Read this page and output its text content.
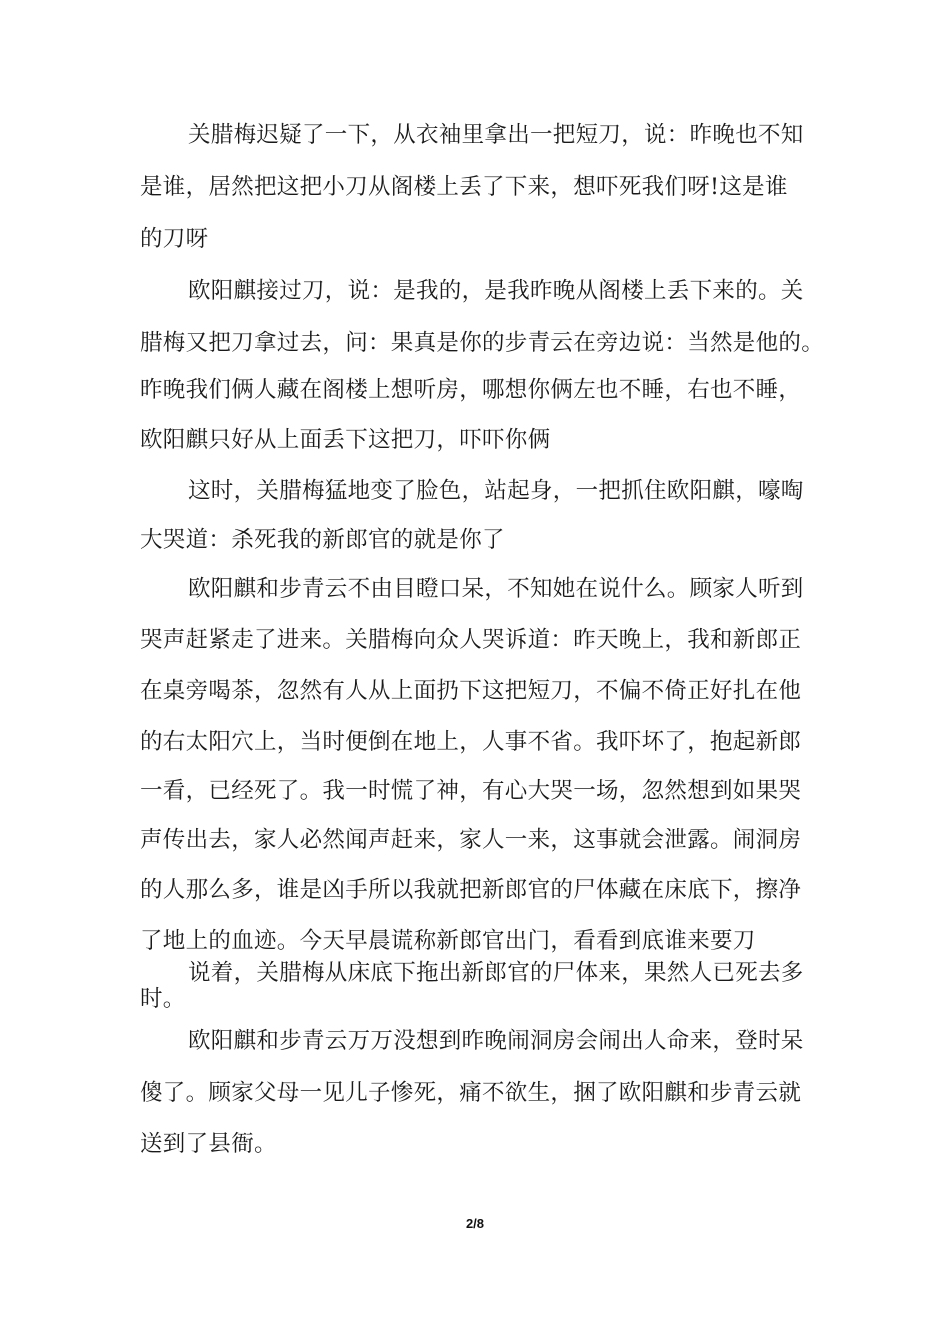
关腊梅迟疑了一下，从衣袖里拿出一把短刀，说：昨晚也不知
是谁，居然把这把小刀从阁楼上丢了下来，想吓死我们呀!这是谁
的刀呀
欧阳麒接过刀，说：是我的，是我昨晚从阁楼上丢下来的。关
腊梅又把刀拿过去，问：果真是你的步青云在旁边说：当然是他的。
昨晚我们俩人藏在阁楼上想听房，哪想你俩左也不睡，右也不睡，
欧阳麒只好从上面丢下这把刀，吓吓你俩
这时，关腊梅猛地变了脸色，站起身，一把抓住欧阳麒，嚎啕
大哭道：杀死我的新郎官的就是你了
欧阳麒和步青云不由目瞪口呆，不知她在说什么。顾家人听到
哭声赶紧走了进来。关腊梅向众人哭诉道：昨天晚上，我和新郎正
在桌旁喝茶，忽然有人从上面扔下这把短刀，不偏不倚正好扎在他
的右太阳穴上，当时便倒在地上，人事不省。我吓坏了，抱起新郎
一看，已经死了。我一时慌了神，有心大哭一场，忽然想到如果哭
声传出去，家人必然闻声赶来，家人一来，这事就会泄露。闹洞房
的人那么多，谁是凶手所以我就把新郎官的尸体藏在床底下，擦净
了地上的血迹。今天早晨谎称新郎官出门，看看到底谁来要刀
说着，关腊梅从床底下拖出新郎官的尸体来，果然人已死去多
时。
欧阳麒和步青云万万没想到昨晚闹洞房会闹出人命来，登时呆
傻了。顾家父母一见儿子惨死，痛不欲生，捆了欧阳麒和步青云就
送到了县衙。
2/8
